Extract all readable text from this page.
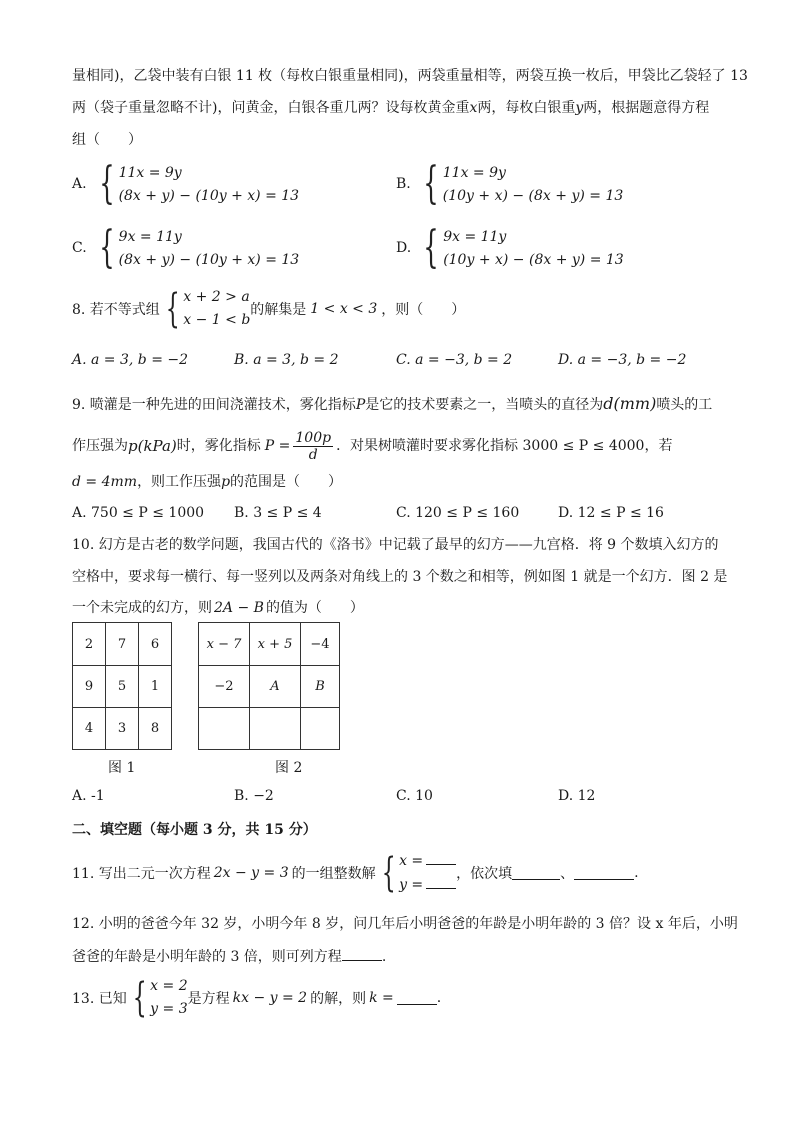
量相同)，乙袋中装有白银 11 枚（每枚白银重量相同)，两袋重量相等，两袋互换一枚后，甲袋比乙袋轻了 13
两（袋子重量忽略不计)，问黄金，白银各重几两？设每枚黄金重x两，每枚白银重y两，根据题意得方程
组（　　）
A. { 11x = 9y
(8x + y) − (10y + x) = 13
B. { 11x = 9y
(10y + x) − (8x + y) = 13
C. { 9x = 11y
(8x + y) − (10y + x) = 13
D. { 9x = 11y
(10y + x) − (8x + y) = 13
8. 若不等式组 { x + 2 > a
x − 1 < b
的解集是 1 < x < 3 ，则（　　）
A. a = 3, b = −2	B. a = 3, b = 2	C. a = −3, b = 2	D. a = −3, b = −2
9. 喷灌是一种先进的田间浇灌技术，雾化指标P是它的技术要素之一，当喷头的直径为d(mm)喷头的工
作压强为 p(kPa) 时，雾化指标 $P = \frac{100p}{d}$ ．对果树喷灌时要求雾化指标 3000 ≤ P ≤ 4000，若
d = 4mm，则工作压强p的范围是（　　）
A. 750 ≤ P ≤ 1000 B. 3 ≤ P ≤ 4	C. 120 ≤ P ≤ 160	D. 12 ≤ P ≤ 16
10. 幻方是古老的数学问题，我国古代的《洛书》中记载了最早的幻方——九宫格．将 9 个数填入幻方的
空格中，要求每一横行、每一竖列以及两条对角线上的 3 个数之和相等，例如图 1 就是一个幻方．图 2 是
一个未完成的幻方，则 2A − B 的值为（　　）
2	7	6
9	5	1
4	3	8
x − 7	x + 5	−4
−2	A	B

图 1	图 2
A. -1	B. −2	C. 10	D. 12
二、填空题（每小题 3 分，共 15 分）
11. 写出二元一次方程 2x − y = 3 的一组整数解 { x =
y =
，依次填	、	.
12. 小明的爸爸今年 32 岁，小明今年 8 岁，问几年后小明爸爸的年龄是小明年龄的 3 倍？设 x 年后，小明
爸爸的年龄是小明年龄的 3 倍，则可列方程	.
13. 已知 { x = 2
y = 3
是方程 kx − y = 2 的解，则 k =	.
